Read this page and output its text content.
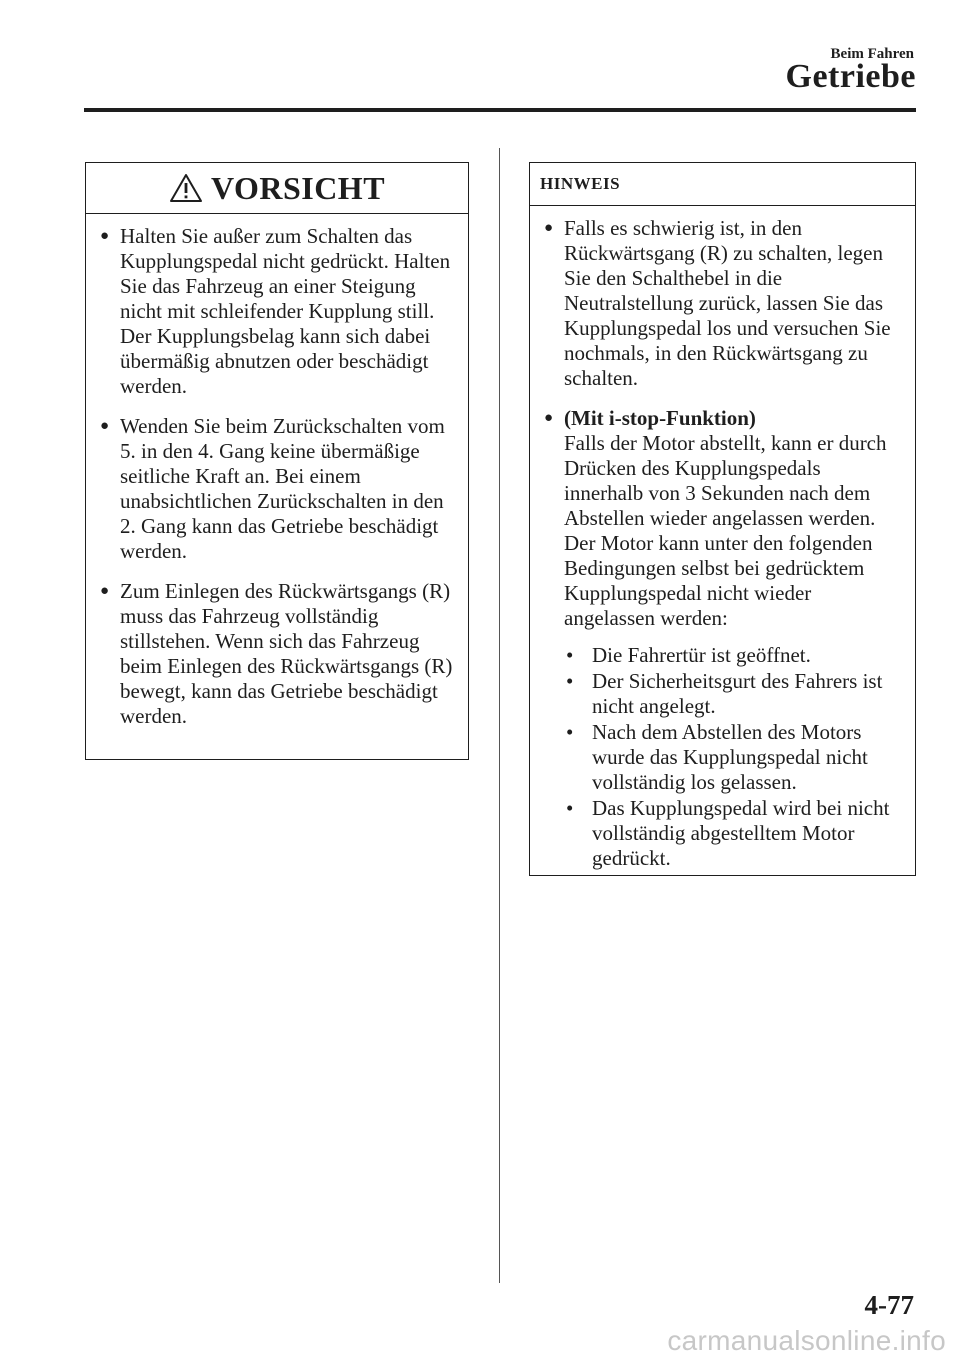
Beim Fahren
Getriebe
VORSICHT
● Halten Sie außer zum Schalten das Kupplungspedal nicht gedrückt. Halten Sie das Fahrzeug an einer Steigung nicht mit schleifender Kupplung still. Der Kupplungsbelag kann sich dabei übermäßig abnutzen oder beschädigt werden.
● Wenden Sie beim Zurückschalten vom 5. in den 4. Gang keine übermäßige seitliche Kraft an. Bei einem unabsichtlichen Zurückschalten in den 2. Gang kann das Getriebe beschädigt werden.
● Zum Einlegen des Rückwärtsgangs (R) muss das Fahrzeug vollständig stillstehen. Wenn sich das Fahrzeug beim Einlegen des Rückwärtsgangs (R) bewegt, kann das Getriebe beschädigt werden.
HINWEIS
● Falls es schwierig ist, in den Rückwärtsgang (R) zu schalten, legen Sie den Schalthebel in die Neutralstellung zurück, lassen Sie das Kupplungspedal los und versuchen Sie nochmals, in den Rückwärtsgang zu schalten.
● (Mit i-stop-Funktion)
Falls der Motor abstellt, kann er durch Drücken des Kupplungspedals innerhalb von 3 Sekunden nach dem Abstellen wieder angelassen werden. Der Motor kann unter den folgenden Bedingungen selbst bei gedrücktem Kupplungspedal nicht wieder angelassen werden:
• Die Fahrertür ist geöffnet.
• Der Sicherheitsgurt des Fahrers ist nicht angelegt.
• Nach dem Abstellen des Motors wurde das Kupplungspedal nicht vollständig los gelassen.
• Das Kupplungspedal wird bei nicht vollständig abgestelltem Motor gedrückt.
4-77
carmanualsonline.info
